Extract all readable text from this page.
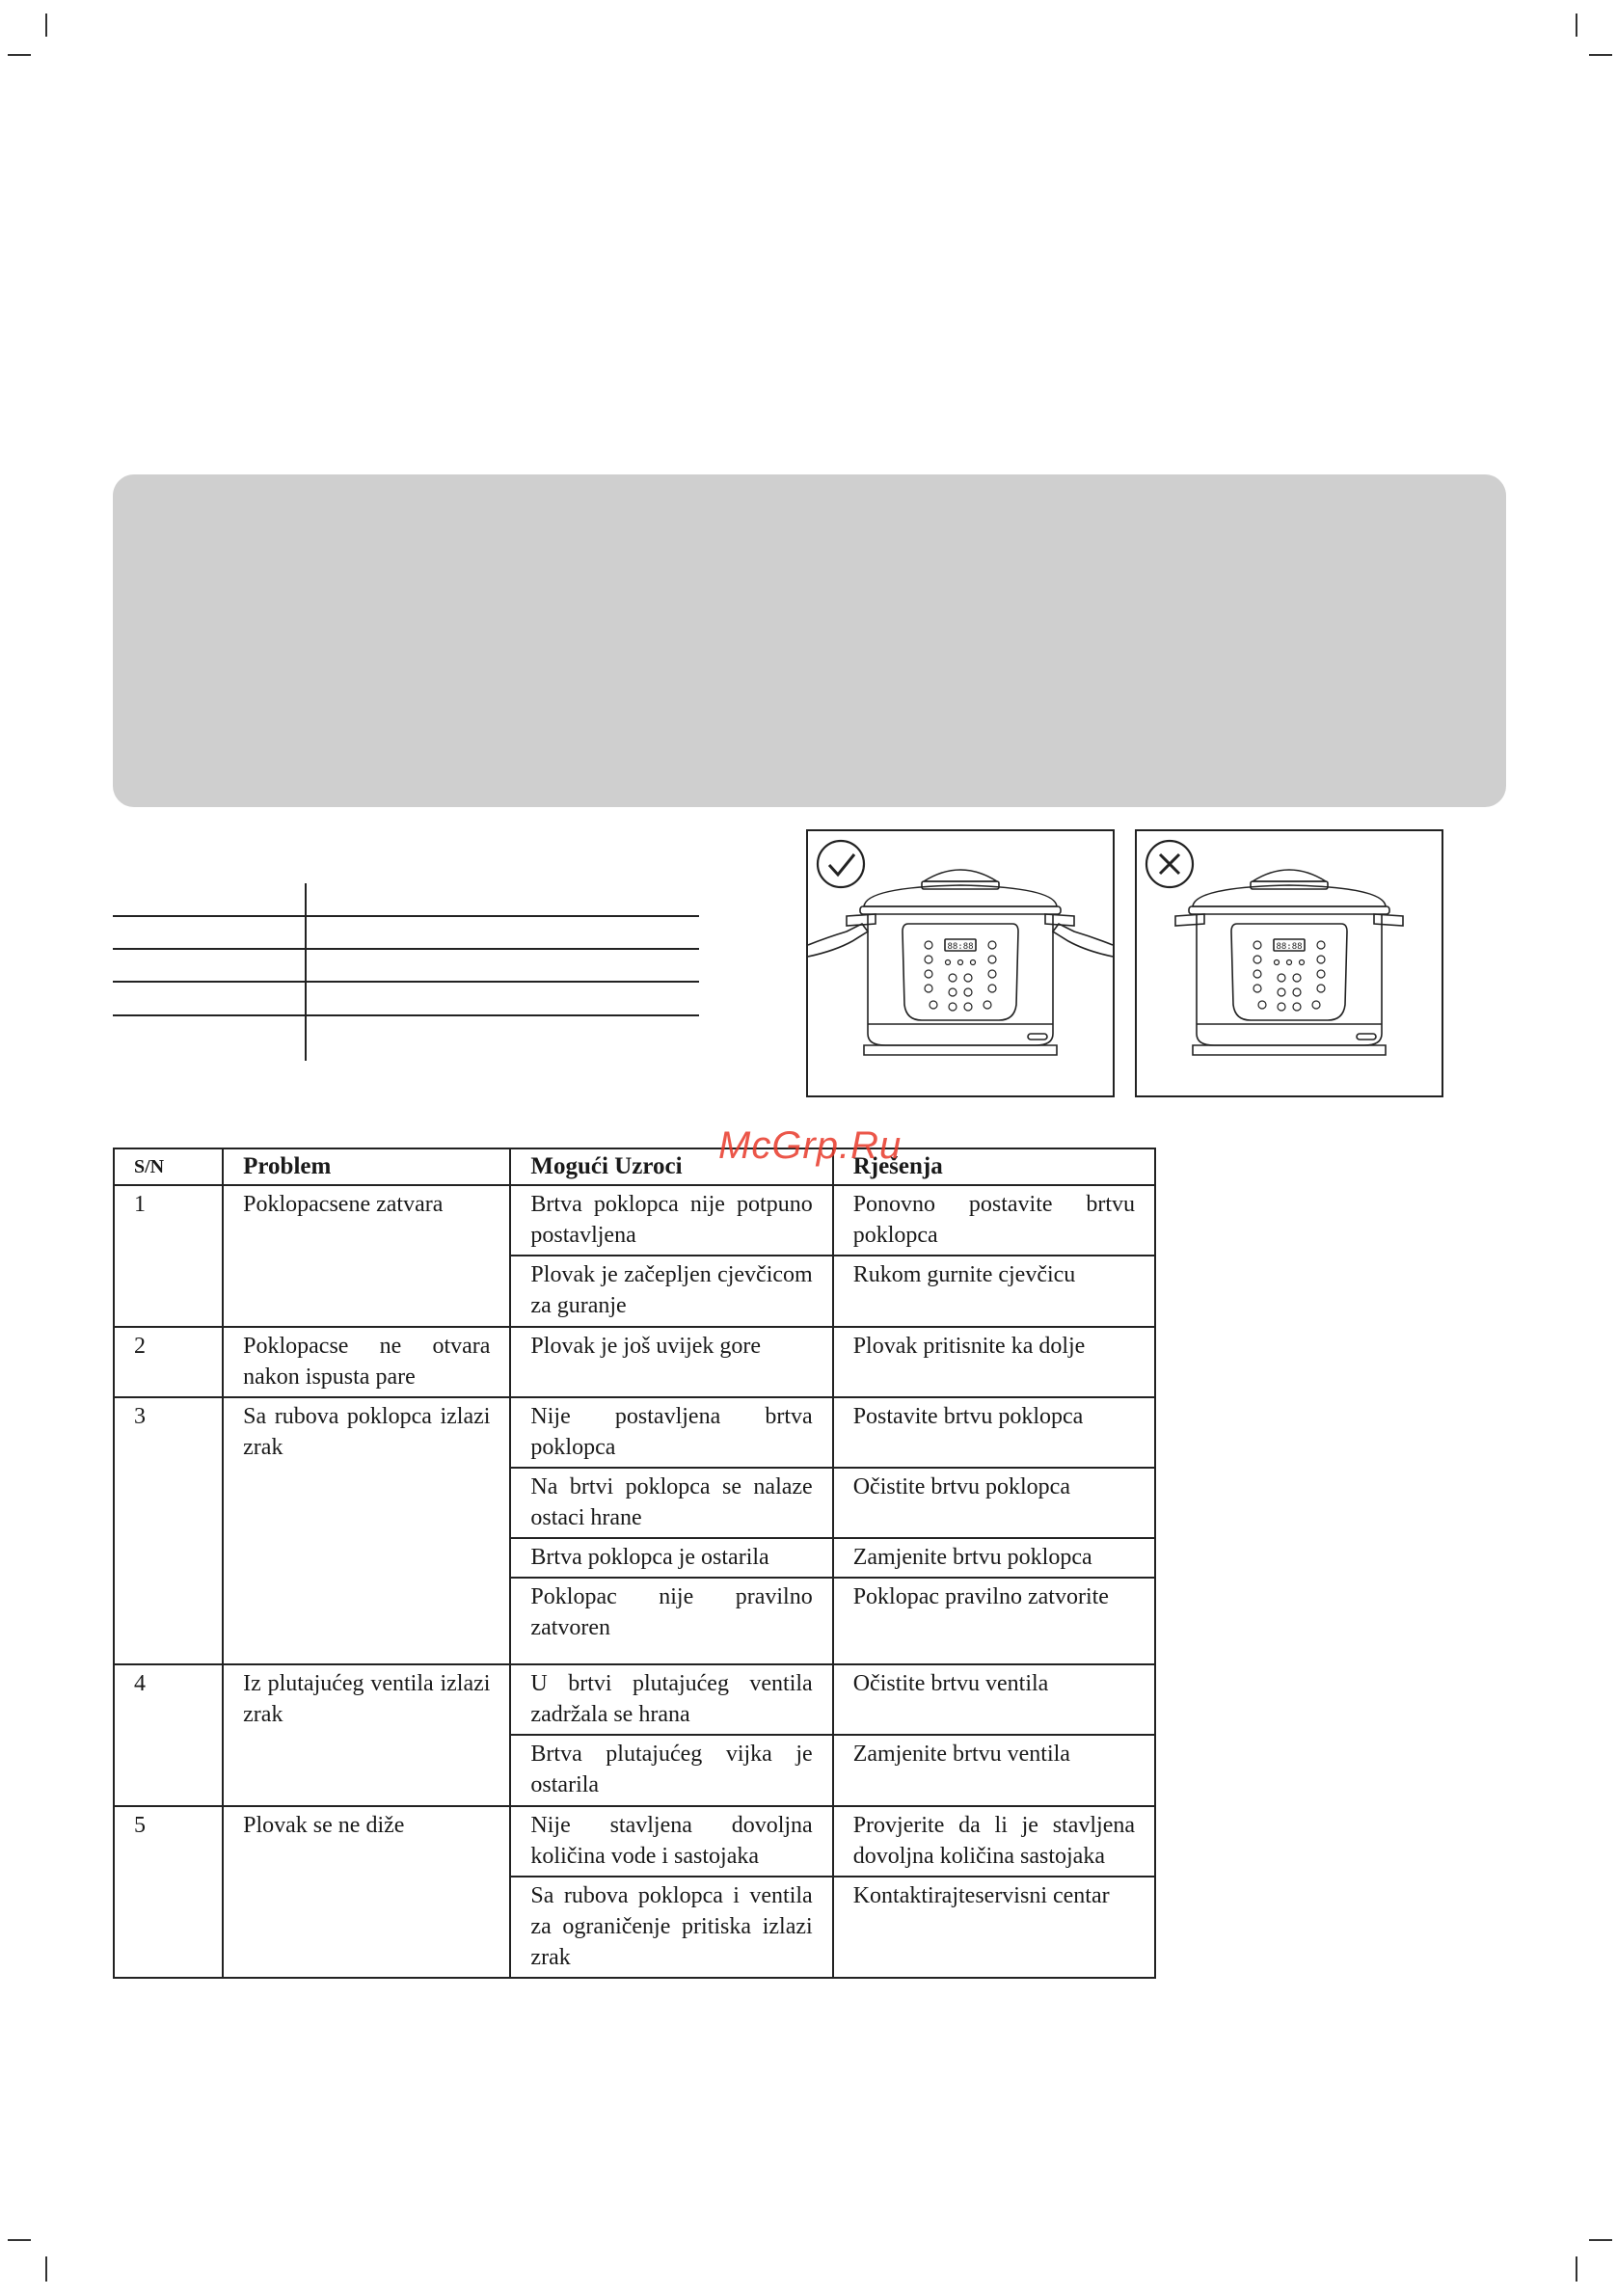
88:88	88:88
S/N	Problem	Mogući Uzroci	Rješenja
1	Poklopacsene zatvara	Brtva poklopca nije potpuno postavljena	Ponovno postavite brtvu poklopca
		Plovak je začepljen cjevčicom za guranje	Rukom gurnite cjevčicu
2	Poklopacse ne otvara nakon ispusta pare	Plovak je još uvijek gore	Plovak pritisnite ka dolje
3	Sa rubova poklopca izlazi zrak	Nije postavljena brtva poklopca	Postavite brtvu poklopca
		Na brtvi poklopca se nalaze ostaci hrane	Očistite brtvu poklopca
		Brtva poklopca je ostarila	Zamjenite brtvu poklopca
		Poklopac nije pravilno zatvoren	Poklopac pravilno zatvorite
4	Iz plutajućeg ventila izlazi zrak	U brtvi plutajućeg ventila zadržala se hrana	Očistite brtvu ventila
		Brtva plutajućeg vijka je ostarila	Zamjenite brtvu ventila
5	Plovak se ne diže	Nije stavljena dovoljna količina vode i sastojaka	Provjerite da li je stavljena dovoljna količina sastojaka
		Sa rubova poklopca i ventila za ograničenje pritiska izlazi zrak	Kontaktirajteservisni centar
McGrp.Ru
